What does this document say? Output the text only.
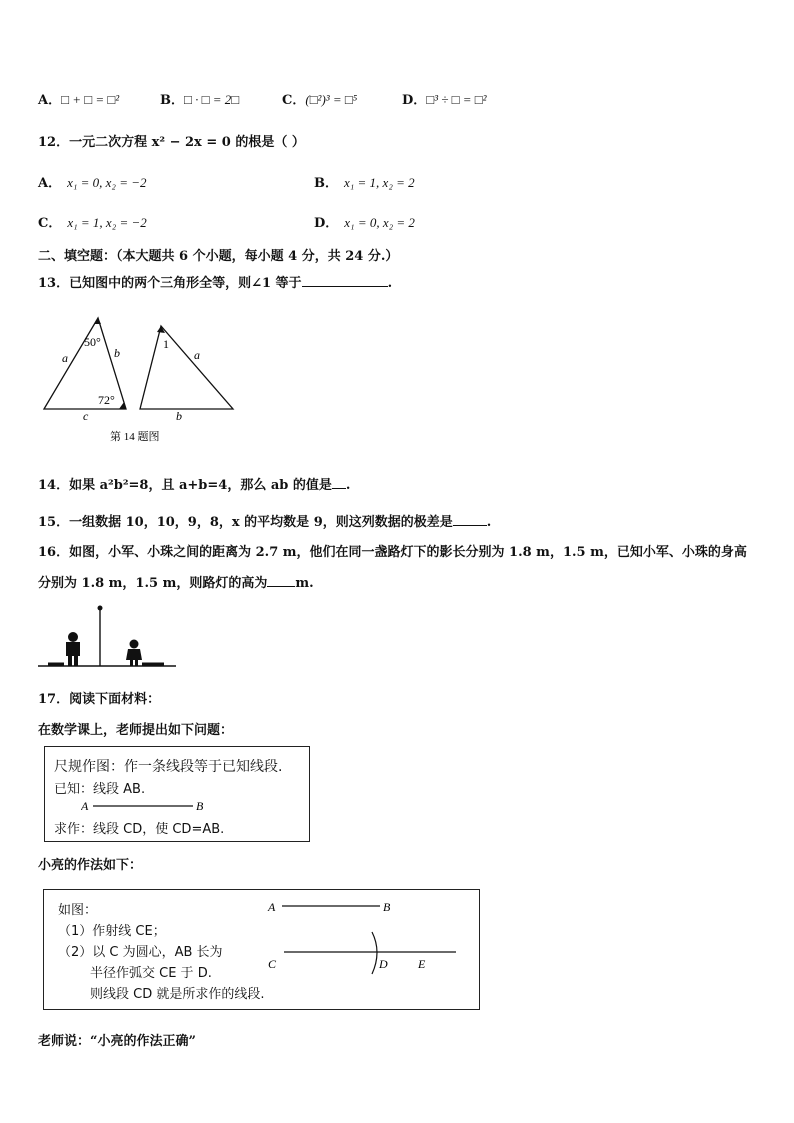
A．□ + □ = □²	B．□ · □ = 2□	C．(□²)³ = □⁵	D．□³ ÷ □ = □²
12．一元二次方程 x² − 2x = 0 的根是（ ）
A． x₁ = 0, x₂ = −2	B． x₁ = 1, x₂ = 2
C． x₁ = 1, x₂ = −2	D． x₁ = 0, x₂ = 2
二、填空题：（本大题共 6 个小题，每小题 4 分，共 24 分.）
13．已知图中的两个三角形全等，则∠1 等于	.
50°
72°
a	b
c
1
a
b
第 14 题图
14．如果 a²b²=8，且 a+b=4，那么 ab 的值是 .
15．一组数据 10，10，9，8，x 的平均数是 9，则这列数据的极差是	.
16．如图，小军、小珠之间的距离为 2.7 m，他们在同一盏路灯下的影长分别为 1.8 m，1.5 m，已知小军、小珠的身高
分别为 1.8 m，1.5 m，则路灯的高为 m.
17．阅读下面材料：
在数学课上，老师提出如下问题：
尺规作图：作一条线段等于已知线段.
已知：线段 AB.
A	B
求作：线段 CD，使 CD=AB.
小亮的作法如下：
如图：
（1）作射线 CE；
（2）以 C 为圆心，AB 长为
半径作弧交 CE 于 D.
则线段 CD 就是所求作的线段.
A	B
C	D	E
老师说：“小亮的作法正确”
